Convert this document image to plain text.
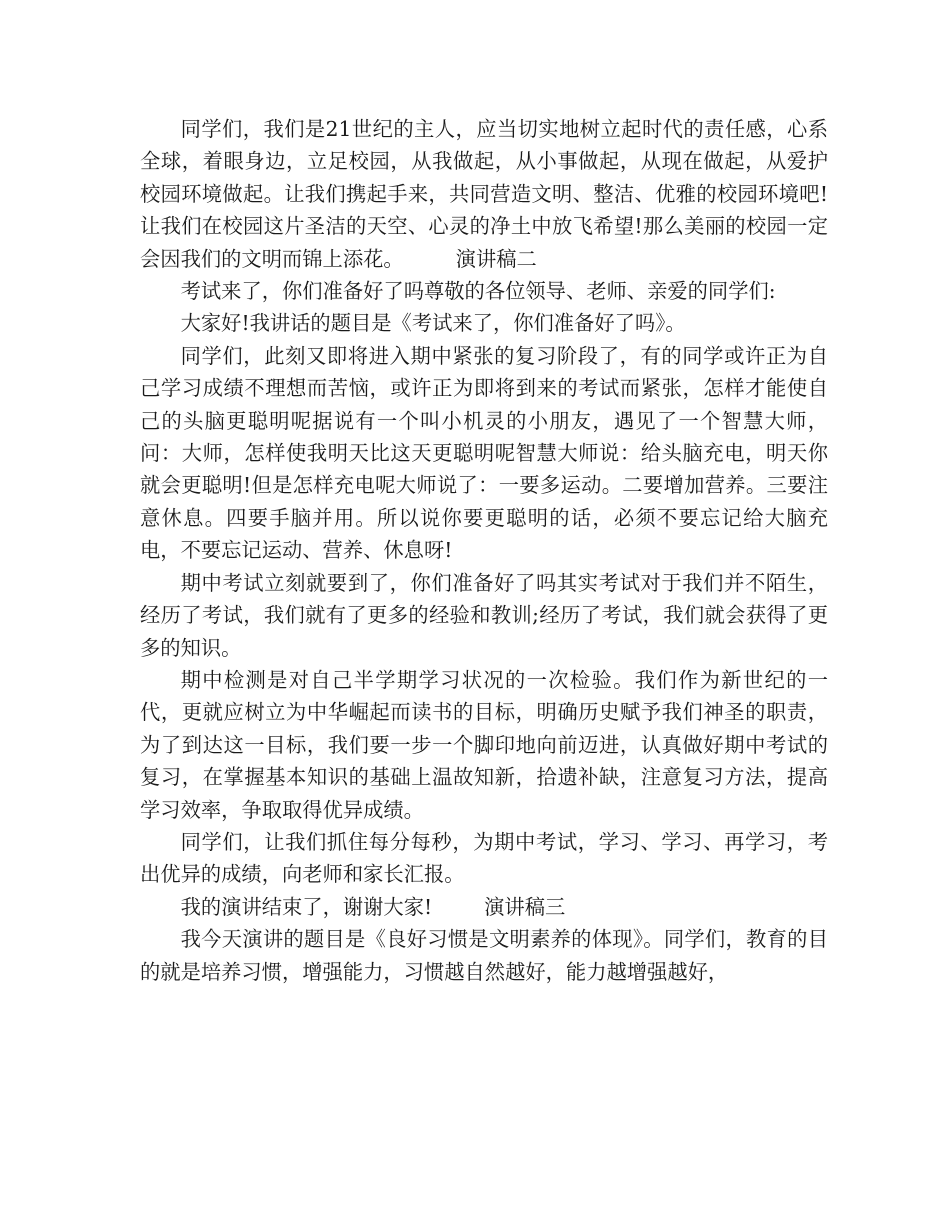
同学们，我们是21世纪的主人，应当切实地树立起时代的责任感，心系全球，着眼身边，立足校园，从我做起，从小事做起，从现在做起，从爱护校园环境做起。让我们携起手来，共同营造文明、整洁、优雅的校园环境吧!让我们在校园这片圣洁的天空、心灵的净土中放飞希望!那么美丽的校园一定会因我们的文明而锦上添花。	演讲稿二

考试来了，你们准备好了吗尊敬的各位领导、老师、亲爱的同学们:

大家好!我讲话的题目是《考试来了，你们准备好了吗》。

同学们，此刻又即将进入期中紧张的复习阶段了，有的同学或许正为自己学习成绩不理想而苦恼，或许正为即将到来的考试而紧张，怎样才能使自己的头脑更聪明呢据说有一个叫小机灵的小朋友，遇见了一个智慧大师，问：大师，怎样使我明天比这天更聪明呢智慧大师说：给头脑充电，明天你就会更聪明!但是怎样充电呢大师说了：一要多运动。二要增加营养。三要注意休息。四要手脑并用。所以说你要更聪明的话，必须不要忘记给大脑充电，不要忘记运动、营养、休息呀!

期中考试立刻就要到了，你们准备好了吗其实考试对于我们并不陌生，经历了考试，我们就有了更多的经验和教训;经历了考试，我们就会获得了更多的知识。

期中检测是对自己半学期学习状况的一次检验。我们作为新世纪的一代，更就应树立为中华崛起而读书的目标，明确历史赋予我们神圣的职责，为了到达这一目标，我们要一步一个脚印地向前迈进，认真做好期中考试的复习，在掌握基本知识的基础上温故知新，拾遗补缺，注意复习方法，提高学习效率，争取取得优异成绩。

同学们，让我们抓住每分每秒，为期中考试，学习、学习、再学习，考出优异的成绩，向老师和家长汇报。

我的演讲结束了，谢谢大家!	演讲稿三

我今天演讲的题目是《良好习惯是文明素养的体现》。同学们，教育的目的就是培养习惯，增强能力，习惯越自然越好，能力越增强越好，
